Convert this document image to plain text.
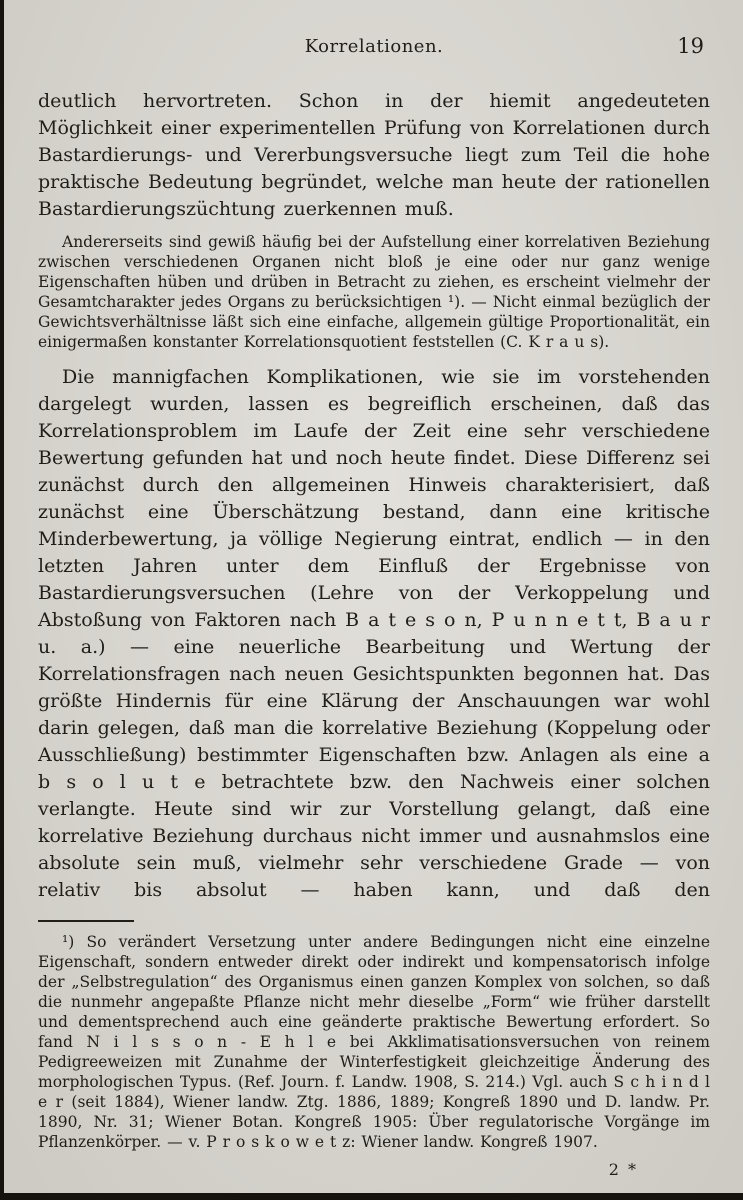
Korrelationen.	19

deutlich hervortreten. Schon in der hiemit angedeuteten Möglichkeit einer experimentellen Prüfung von Korrelationen durch Bastardierungs- und Vererbungsversuche liegt zum Teil die hohe praktische Bedeutung begründet, welche man heute der rationellen Bastardierungszüchtung zuerkennen muß.

Andererseits sind gewiß häufig bei der Aufstellung einer korrelativen Beziehung zwischen verschiedenen Organen nicht bloß je eine oder nur ganz wenige Eigenschaften hüben und drüben in Betracht zu ziehen, es erscheint vielmehr der Gesamtcharakter jedes Organs zu berücksichtigen ¹). — Nicht einmal bezüglich der Gewichtsverhältnisse läßt sich eine einfache, allgemein gültige Proportionalität, ein einigermaßen konstanter Korrelationsquotient feststellen (C. K r a u s).

Die mannigfachen Komplikationen, wie sie im vorstehenden dargelegt wurden, lassen es begreiflich erscheinen, daß das Korrelationsproblem im Laufe der Zeit eine sehr verschiedene Bewertung gefunden hat und noch heute findet. Diese Differenz sei zunächst durch den allgemeinen Hinweis charakterisiert, daß zunächst eine Überschätzung bestand, dann eine kritische Minderbewertung, ja völlige Negierung eintrat, endlich — in den letzten Jahren unter dem Einfluß der Ergebnisse von Bastardierungsversuchen (Lehre von der Verkoppelung und Abstoßung von Faktoren nach B a t e s o n, P u n n e t t, B a u r u. a.) — eine neuerliche Bearbeitung und Wertung der Korrelationsfragen nach neuen Gesichtspunkten begonnen hat. Das größte Hindernis für eine Klärung der Anschauungen war wohl darin gelegen, daß man die korrelative Beziehung (Koppelung oder Ausschließung) bestimmter Eigenschaften bzw. Anlagen als eine a b s o l u t e betrachtete bzw. den Nachweis einer solchen verlangte. Heute sind wir zur Vorstellung gelangt, daß eine korrelative Beziehung durchaus nicht immer und ausnahmslos eine absolute sein muß, vielmehr sehr verschiedene Grade — von relativ bis absolut — haben kann, und daß den

¹) So verändert Versetzung unter andere Bedingungen nicht eine einzelne Eigenschaft, sondern entweder direkt oder indirekt und kompensatorisch infolge der „Selbstregulation“ des Organismus einen ganzen Komplex von solchen, so daß die nunmehr angepaßte Pflanze nicht mehr dieselbe „Form“ wie früher darstellt und dementsprechend auch eine geänderte praktische Bewertung erfordert. So fand N i l s s o n - E h l e bei Akklimatisationsversuchen von reinem Pedigreeweizen mit Zunahme der Winterfestigkeit gleichzeitige Änderung des morphologischen Typus. (Ref. Journ. f. Landw. 1908, S. 214.) Vgl. auch S c h i n d l e r (seit 1884), Wiener landw. Ztg. 1886, 1889; Kongreß 1890 und D. landw. Pr. 1890, Nr. 31; Wiener Botan. Kongreß 1905: Über regulatorische Vorgänge im Pflanzenkörper. — v. P r o s k o w e t z: Wiener landw. Kongreß 1907.

2 *
